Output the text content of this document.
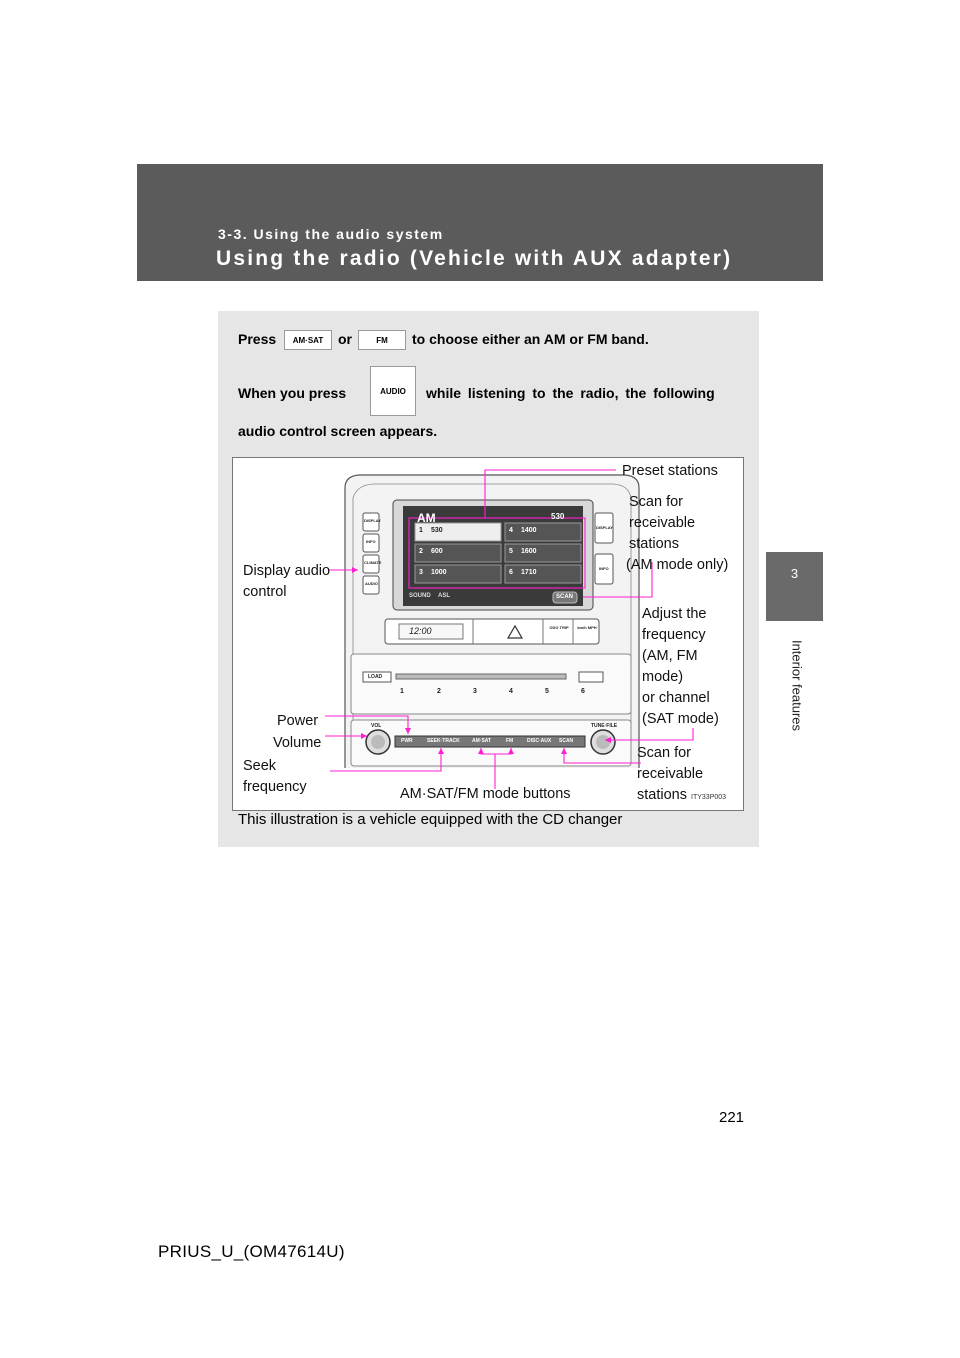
3-3. Using the audio system
Using the radio (Vehicle with AUX adapter)
3
Interior features
Press	AM·SAT	or	FM	to choose either an AM or FM band.
When you press	AUDIO	while listening to the radio, the following
audio control screen appears.
AM	530
1 530
2 600
3 1000
4 1400
5 1600
6 1710
SOUND ASL	SCAN
DISPLAY
INFO
CLIMATE
AUDIO
DISPLAY
INFO
12:00	ODO TRIP	km/h MPH
LOAD
1	2	3	4	5	6
VOL	TUNE·FILE
PWR	SEEK·TRACK AM·SAT	FM	DISC·AUX SCAN
Preset stations
Scan for
receivable
stations
(AM mode only)
Display audio
control
Adjust the
frequency
(AM, FM
mode)
or channel
(SAT mode)
Power
Volume
Seek
frequency
Scan for
receivable
stations ITY33P003
AM·SAT/FM mode buttons
This illustration is a vehicle equipped with the CD changer
221
PRIUS_U_(OM47614U)
